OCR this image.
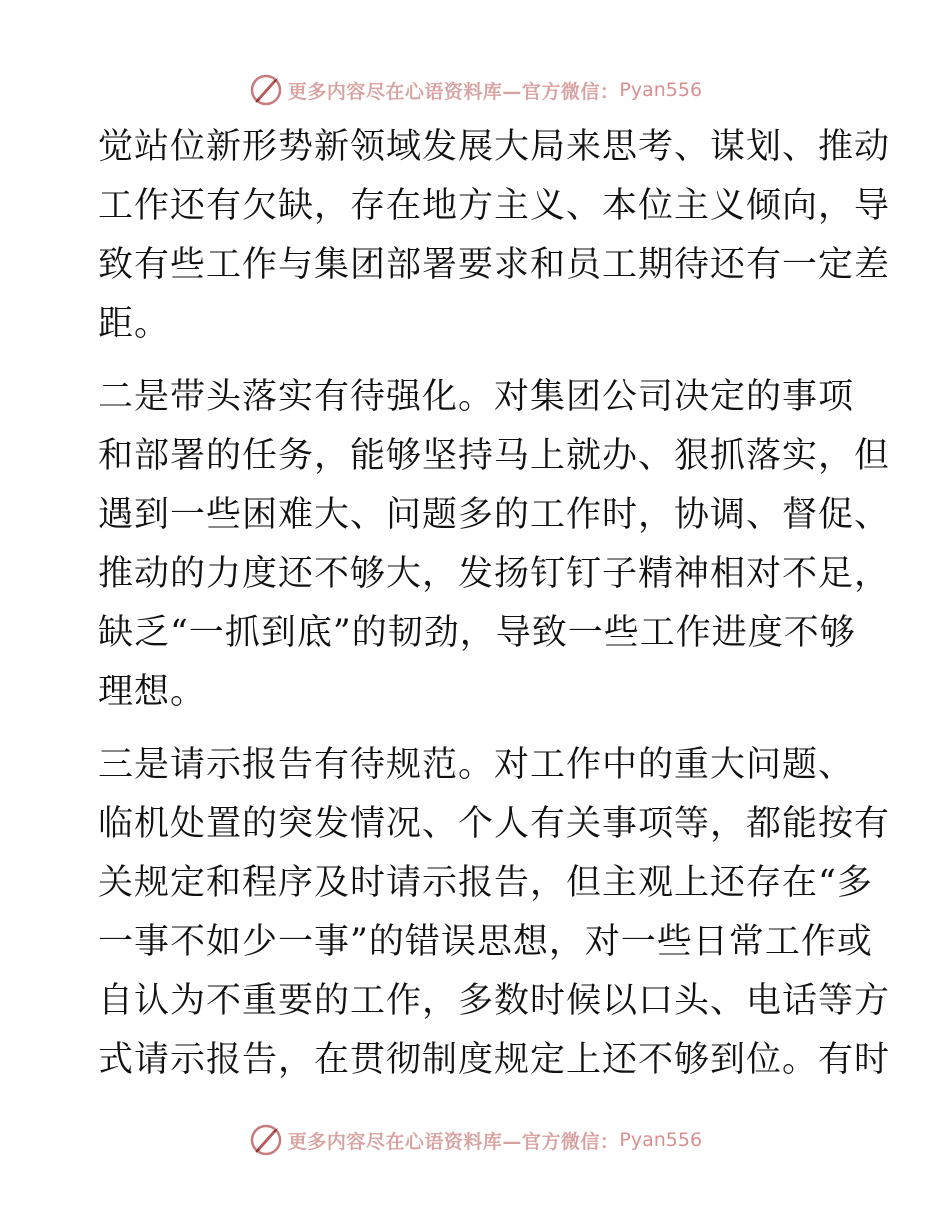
更多内容尽在心语资料库—官方微信： Pyan556

觉站位新形势新领域发展大局来思考、谋划、推动
工作还有欠缺，存在地方主义、本位主义倾向，导
致有些工作与集团部署要求和员工期待还有一定差
距。

二是带头落实有待强化。对集团公司决定的事项
和部署的任务，能够坚持马上就办、狠抓落实，但
遇到一些困难大、问题多的工作时，协调、督促、
推动的力度还不够大，发扬钉钉子精神相对不足，
缺乏“一抓到底”的韧劲，导致一些工作进度不够
理想。

三是请示报告有待规范。对工作中的重大问题、
临机处置的突发情况、个人有关事项等，都能按有
关规定和程序及时请示报告，但主观上还存在“多
一事不如少一事”的错误思想，对一些日常工作或
自认为不重要的工作，多数时候以口头、电话等方
式请示报告，在贯彻制度规定上还不够到位。有时

更多内容尽在心语资料库—官方微信： Pyan556
